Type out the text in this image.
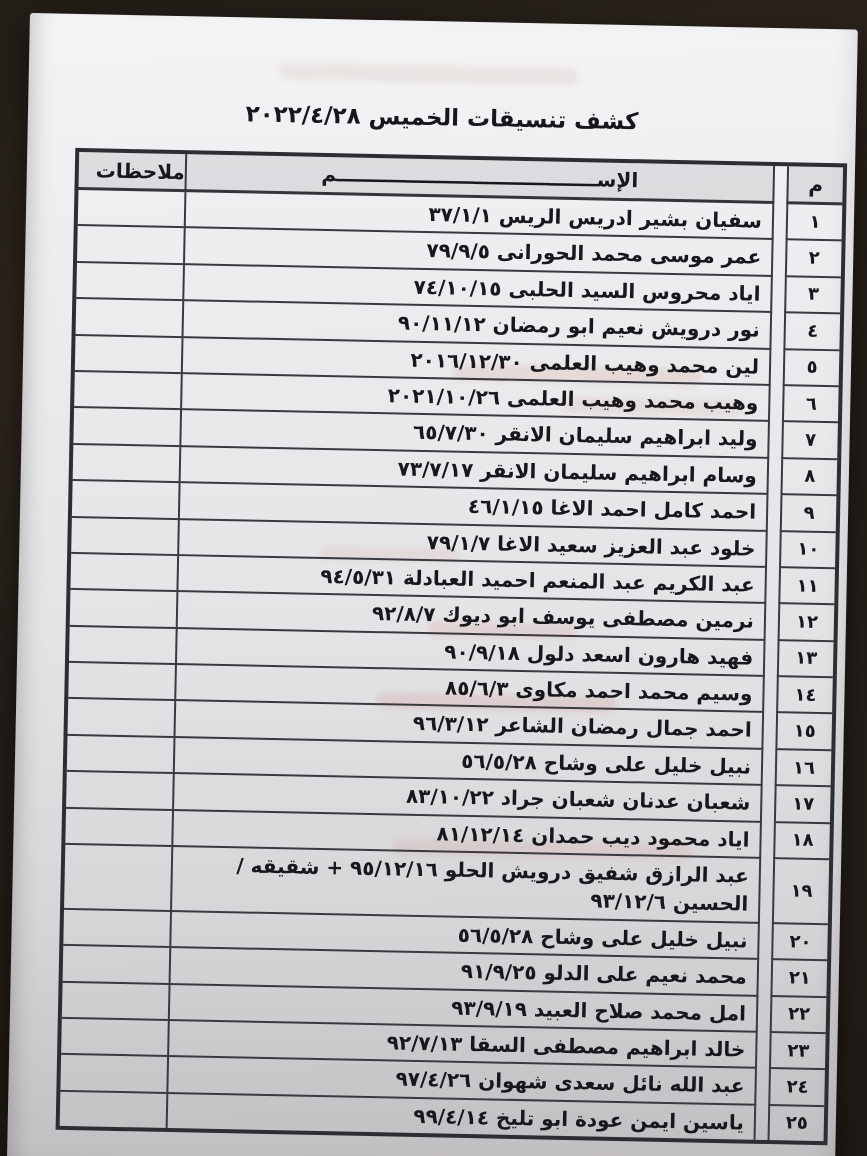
كشف تنسيقات الخميس ٢٠٢٢/٤/٢٨
م
الإســــــــــــــــــــــــــــــــــــــم
ملاحظات
١
سفيان بشير ادريس الريس ٣٧/١/١
٢
عمر موسى محمد الحورانى ٧٩/٩/٥
٣
اياد محروس السيد الحلبى ٧٤/١٠/١٥
٤
نور درويش نعيم ابو رمضان ٩٠/١١/١٢
٥
لين محمد وهيب العلمى ٢٠١٦/١٢/٣٠
٦
وهيب محمد وهيب العلمى ٢٠٢١/١٠/٢٦
٧
وليد ابراهيم سليمان الانقر ٦٥/٧/٣٠
٨
وسام ابراهيم سليمان الانقر ٧٣/٧/١٧
٩
احمد كامل احمد الاغا ٤٦/١/١٥
١٠
خلود عبد العزيز سعيد الاغا ٧٩/١/٧
١١
عبد الكريم عبد المنعم احميد العبادلة ٩٤/٥/٣١
١٢
نرمين مصطفى يوسف ابو ديوك ٩٢/٨/٧
١٣
فهيد هارون اسعد دلول ٩٠/٩/١٨
١٤
وسيم محمد احمد مكاوى ٨٥/٦/٣
١٥
احمد جمال رمضان الشاعر ٩٦/٣/١٢
١٦
نبيل خليل على وشاح ٥٦/٥/٢٨
١٧
شعبان عدنان شعبان جراد ٨٣/١٠/٢٢
١٨
اياد محمود ديب حمدان ٨١/١٢/١٤
١٩
عبد الرازق شفيق درويش الحلو ٩٥/١٢/١٦ + شقيقه / الحسين ٩٣/١٢/٦
٢٠
نبيل خليل على وشاح ٥٦/٥/٢٨
٢١
محمد نعيم على الدلو ٩١/٩/٢٥
٢٢
امل محمد صلاح العبيد ٩٣/٩/١٩
٢٣
خالد ابراهيم مصطفى السقا ٩٢/٧/١٣
٢٤
عبد الله نائل سعدى شهوان ٩٧/٤/٢٦
٢٥
ياسين ايمن عودة ابو تليخ ٩٩/٤/١٤
